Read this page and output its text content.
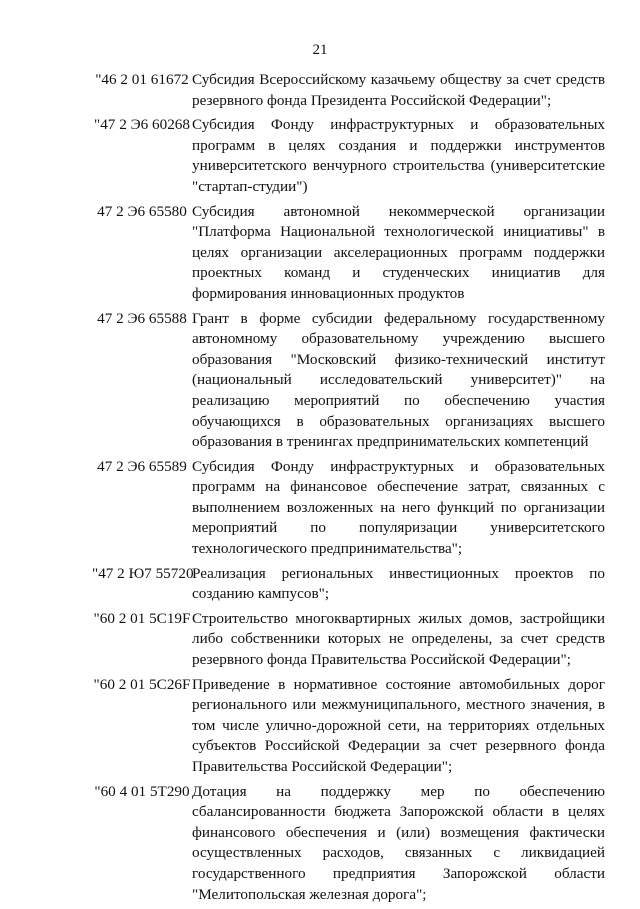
21
"46 2 01 61672 Субсидия Всероссийскому казачьему обществу за счет средств резервного фонда Президента Российской Федерации";
"47 2 Э6 60268 Субсидия Фонду инфраструктурных и образовательных программ в целях создания и поддержки инструментов университетского венчурного строительства (университетские "стартап-студии")
47 2 Э6 65580 Субсидия автономной некоммерческой организации "Платформа Национальной технологической инициативы" в целях организации акселерационных программ поддержки проектных команд и студенческих инициатив для формирования инновационных продуктов
47 2 Э6 65588 Грант в форме субсидии федеральному государственному автономному образовательному учреждению высшего образования "Московский физико-технический институт (национальный исследовательский университет)" на реализацию мероприятий по обеспечению участия обучающихся в образовательных организациях высшего образования в тренингах предпринимательских компетенций
47 2 Э6 65589 Субсидия Фонду инфраструктурных и образовательных программ на финансовое обеспечение затрат, связанных с выполнением возложенных на него функций по организации мероприятий по популяризации университетского технологического предпринимательства";
"47 2 Ю7 55720
Реализация региональных инвестиционных проектов по созданию кампусов";
"60 2 01 5С19F Строительство многоквартирных жилых домов, застройщики либо собственники которых не определены, за счет средств резервного фонда Правительства Российской Федерации";
"60 2 01 5С26F Приведение в нормативное состояние автомобильных дорог регионального или межмуниципального, местного значения, в том числе улично-дорожной сети, на территориях отдельных субъектов Российской Федерации за счет резервного фонда Правительства Российской Федерации";
"60 4 01 5Т290 Дотация на поддержку мер по обеспечению сбалансированности бюджета Запорожской области в целях финансового обеспечения и (или) возмещения фактически осуществленных расходов, связанных с ликвидацией государственного предприятия Запорожской области "Мелитопольская железная дорога";
